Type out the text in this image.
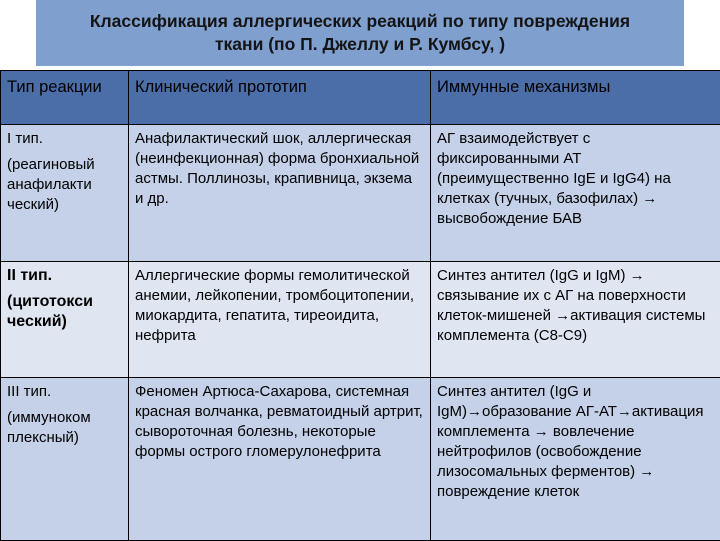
Классификация аллергических реакций по типу повреждения
ткани (по П. Джеллу и Р. Кумбсу, )
Тип реакции	Клинический прототип	Иммунные механизмы

I тип.
(реагиновый анафилакти ческий)	Анафилактический шок, аллергическая (неинфекционная) форма бронхиальной астмы. Поллинозы, крапивница, экзема и др.	АГ взаимодействует с фиксированными АТ (преимущественно IgE и IgG4) на клетках (тучных, базофилах) → высвобождение БАВ

II тип.
(цитотокси ческий)	Аллергические формы гемолитической анемии, лейкопении, тромбоцитопении, миокардита, гепатита, тиреоидита, нефрита	Синтез антител (IgG и IgM) → связывание их с АГ на поверхности клеток-мишеней →активация системы комплемента (С8-С9)

III тип.
(иммуноком плексный)	Феномен Артюса-Сахарова, системная красная волчанка, ревматоидный артрит, сывороточная болезнь, некоторые формы острого гломерулонефрита	Синтез антител (IgG и IgM)→образование АГ-АТ→активация комплемента → вовлечение нейтрофилов (освобождение лизосомальных ферментов) → повреждение клеток
